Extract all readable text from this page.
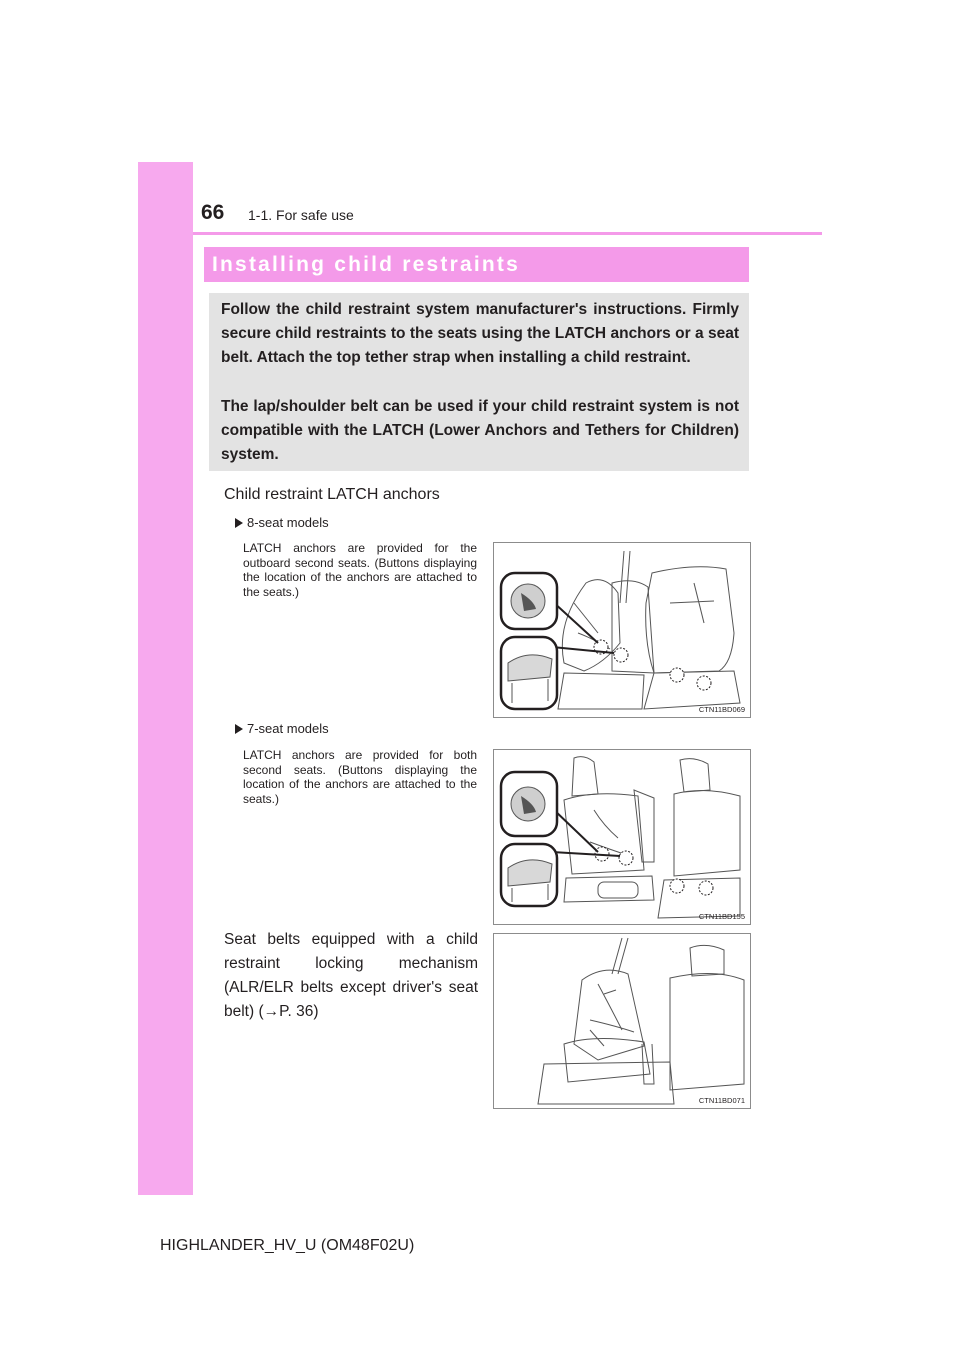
66 1-1. For safe use
Installing child restraints

Follow the child restraint system manufacturer's instructions. Firmly secure child restraints to the seats using the LATCH anchors or a seat belt. Attach the top tether strap when installing a child restraint.

The lap/shoulder belt can be used if your child restraint system is not compatible with the LATCH (Lower Anchors and Tethers for Children) system.

Child restraint LATCH anchors
8-seat models

LATCH anchors are provided for the outboard second seats. (Buttons displaying the location of the anchors are attached to the seats.)

CTN11BD069
7-seat models

LATCH anchors are provided for both second seats. (Buttons displaying the location of the anchors are attached to the seats.)

CTN11BD155

Seat belts equipped with a child restraint locking mechanism (ALR/ELR belts except driver's seat belt) (→P. 36)

CTN11BD071
HIGHLANDER_HV_U (OM48F02U)
